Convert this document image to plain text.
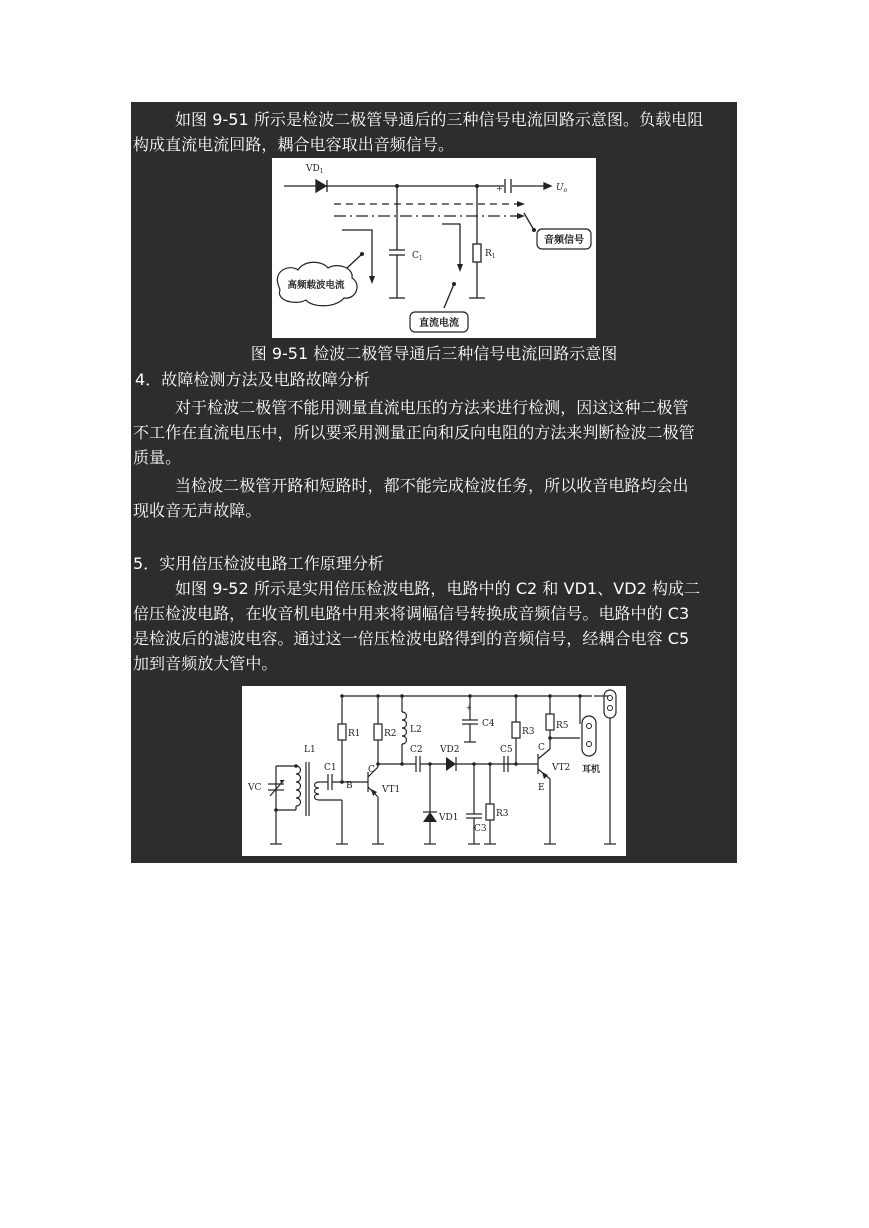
如图 9-51 所示是检波二极管导通后的三种信号电流回路示意图。负载电阻
构成直流电流回路，耦合电容取出音频信号。
$VD_1$
$U_o$
+
$C_1$	$R_1$
音频信号
高频载波电流
直流电流
图 9-51 检波二极管导通后三种信号电流回路示意图
4．故障检测方法及电路故障分析
对于检波二极管不能用测量直流电压的方法来进行检测，因这这种二极管
不工作在直流电压中，所以要采用测量正向和反向电阻的方法来判断检波二极管
质量。
当检波二极管开路和短路时，都不能完成检波任务，所以收音电路均会出
现收音无声故障。
5．实用倍压检波电路工作原理分析
如图 9-52 所示是实用倍压检波电路，电路中的 C2 和 VD1、VD2 构成二
倍压检波电路，在收音机电路中用来将调幅信号转换成音频信号。电路中的 C3
是检波后的滤波电容。通过这一倍压检波电路得到的音频信号，经耦合电容 C5
加到音频放大管中。
L1
VC
C1
B
R1	R2
C
VT1
L2
C2
+
C4
VD2
VD1
C3
R3
R3
C5
R5
C
VT2
E
耳机
